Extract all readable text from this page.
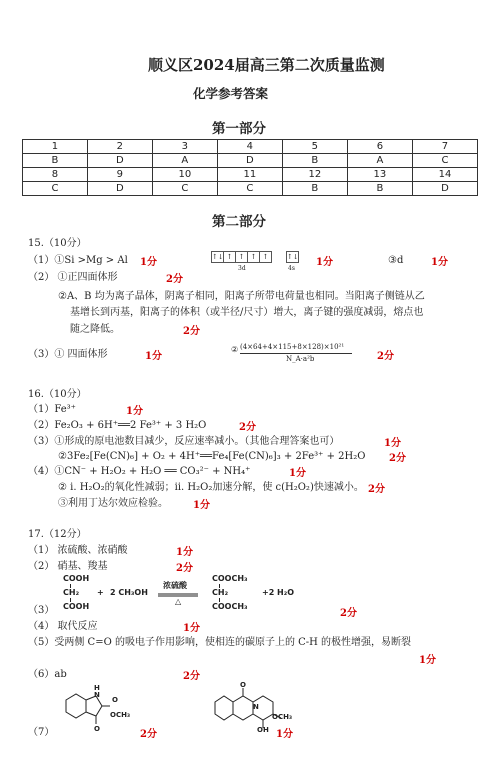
顺义区2024届高三第二次质量监测
化学参考答案
第一部分
1	2	3	4	5	6	7
B	D	A	D	B	A	C
8	9	10	11	12	13	14
C	D	C	C	B	B	D
第二部分
15.（10分）
（1）①Si >Mg > Al 1分	↑↓ ↑ ↑ ↑ ↑	↑↓
3d	4s
1分	③d	1分
（2） ①正四面体形	2分
②A、B 均为离子晶体，阴离子相同，阳离子所带电荷量也相同。当阳离子侧链从乙
基增长到丙基，阳离子的体积（或半径/尺寸）增大，离子键的强度减弱，熔点也
随之降低。	2分
（3）① 四面体形	1分
② (4×64+4×115+8×128)×10²¹
N_A·a²b	2分
16.（10分）
（1）Fe³⁺	1分
（2）Fe₂O₃ + 6H⁺══2 Fe³⁺ + 3 H₂O	2分
（3）①形成的原电池数目减少，反应速率减小。（其他合理答案也可）	1分
②3Fe₂[Fe(CN)₆] + O₂ + 4H⁺══Fe₄[Fe(CN)₆]₃ + 2Fe³⁺ + 2H₂O 2分
（4）①CN⁻ + H₂O₂ + H₂O ══ CO₃²⁻ + NH₄⁺	1分
② ⅰ. H₂O₂的氧化性减弱；ⅱ. H₂O₂加速分解，使 c(H₂O₂)快速减小。 2分
③利用丁达尔效应检验。	1分
17.（12分）
（1） 浓硫酸、浓硝酸	1分
（2） 硝基、羧基	2分
COOH
CH₂
COOH
+ 2 CH₃OH
浓硫酸
△
COOCH₃
CH₂
COOCH₃
+2 H₂O
（3）	2分
（4） 取代反应	1分
（5）受两侧 C=O 的吸电子作用影响，使相连的碳原子上的 C-H 的极性增强，易断裂
1分
（6）ab	2分
（7）	2分	1分
H
N
O
OCH₃
O
O
N
OH
OCH₃
